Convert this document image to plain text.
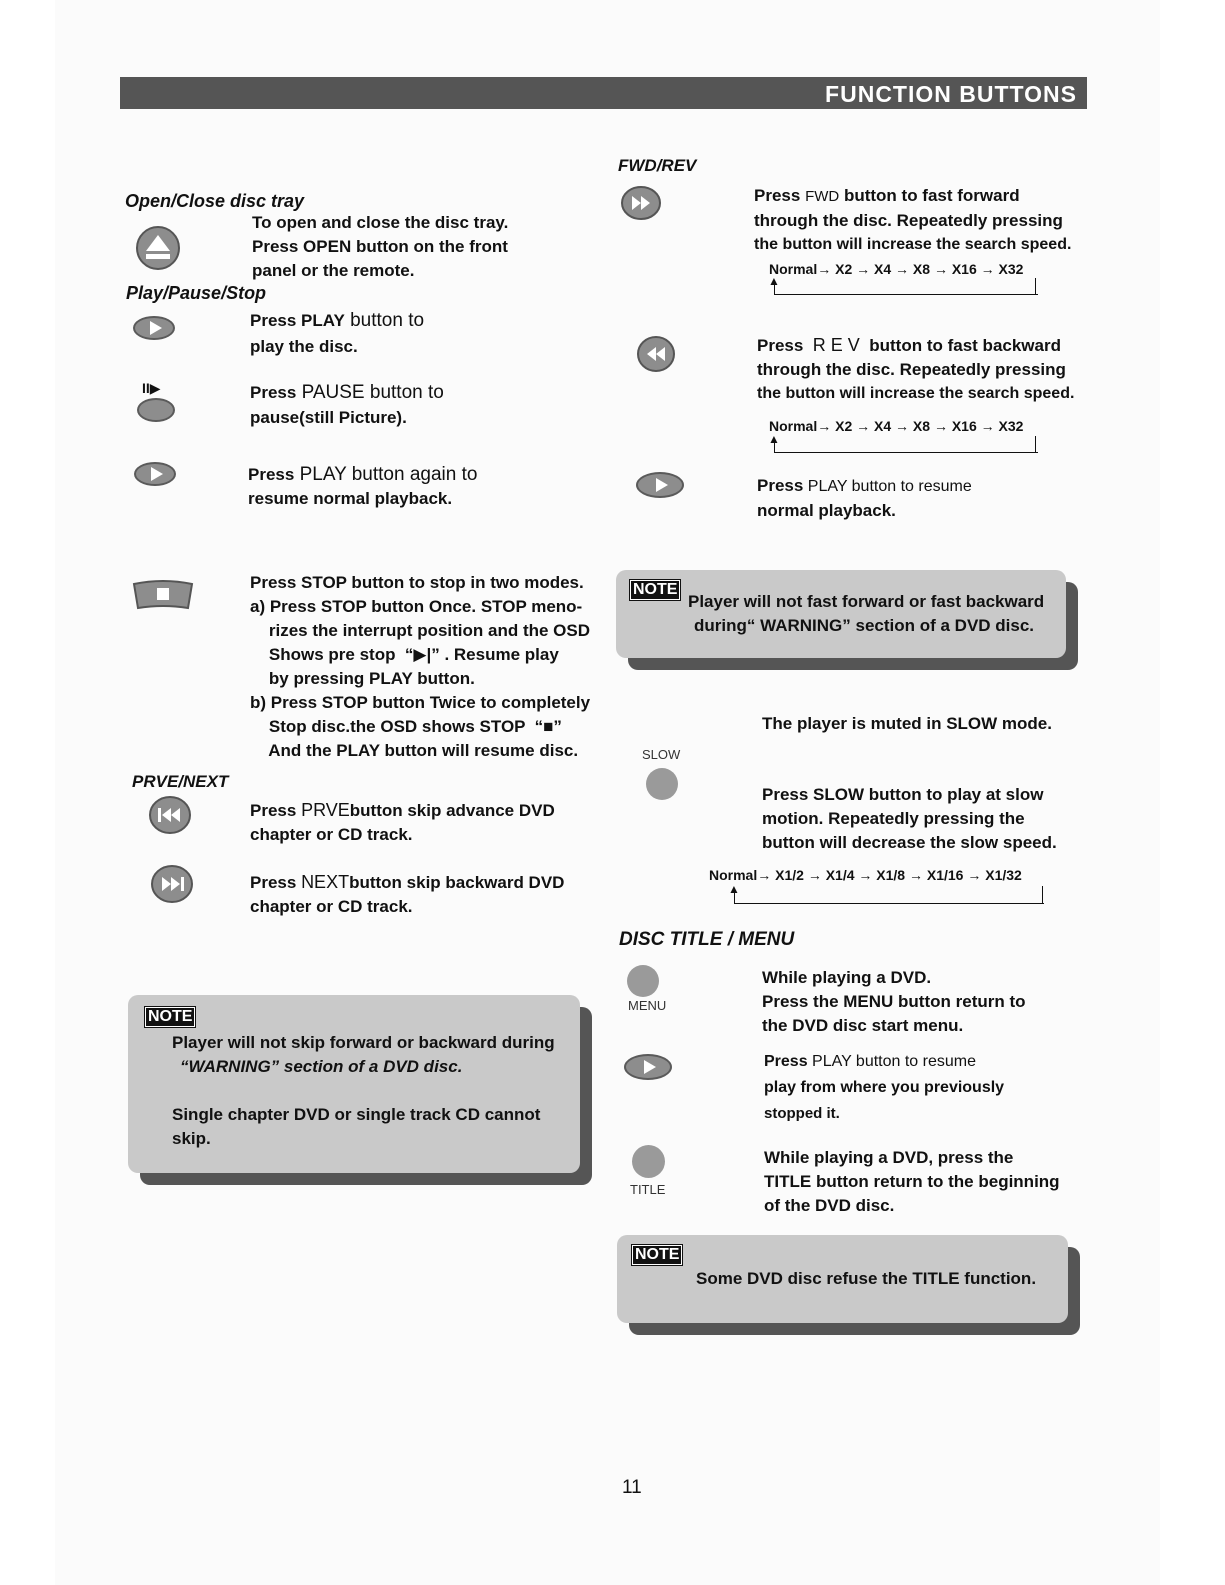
FUNCTION BUTTONS
Open/Close disc tray
To open and close the disc tray.
Press OPEN button on the front
panel or the remote.
Play/Pause/Stop
Press PLAY button to
play the disc.
II▶	Press PAUSE button to
pause(still Picture).
Press PLAY button again to
resume normal playback.
Press STOP button to stop in two modes.
a) Press STOP button Once. STOP meno-
rizes the interrupt position and the OSD
Shows pre stop  “▶|” . Resume play
by pressing PLAY button.
b) Press STOP button Twice to completely
Stop disc.the OSD shows STOP  “■”
And the PLAY button will resume disc.
PRVE/NEXT
Press PRVEbutton skip advance DVD
chapter or CD track.
Press NEXTbutton skip backward DVD
chapter or CD track.
NOTE
Player will not skip forward or backward during
“WARNING” section of a DVD disc.
Single chapter DVD or single track CD cannot
skip.
FWD/REV
Press FWD button to fast forward
through the disc. Repeatedly pressing
the button will increase the search speed.
Normal→ X2 → X4 → X8 → X16 → X32
▲
Press R E V button to fast backward
through the disc. Repeatedly pressing
the button will increase the search speed.
Normal→ X2 → X4 → X8 → X16 → X32
▲
Press PLAY button to resume
normal playback.
NOTE
Player will not fast forward or fast backward
during“ WARNING” section of a DVD disc.
The player is muted in SLOW mode.
SLOW
Press SLOW button to play at slow
motion. Repeatedly pressing the
button will decrease the slow speed.
Normal→ X1/2 → X1/4 → X1/8 → X1/16 → X1/32
▲
DISC TITLE / MENU
MENU
While playing a DVD.
Press the MENU button return to
the DVD disc start menu.
Press PLAY button to resume
play from where you previously
stopped it.
TITLE
While playing a DVD, press the
TITLE button return to the beginning
of the DVD disc.
NOTE
Some DVD disc refuse the TITLE function.
11
